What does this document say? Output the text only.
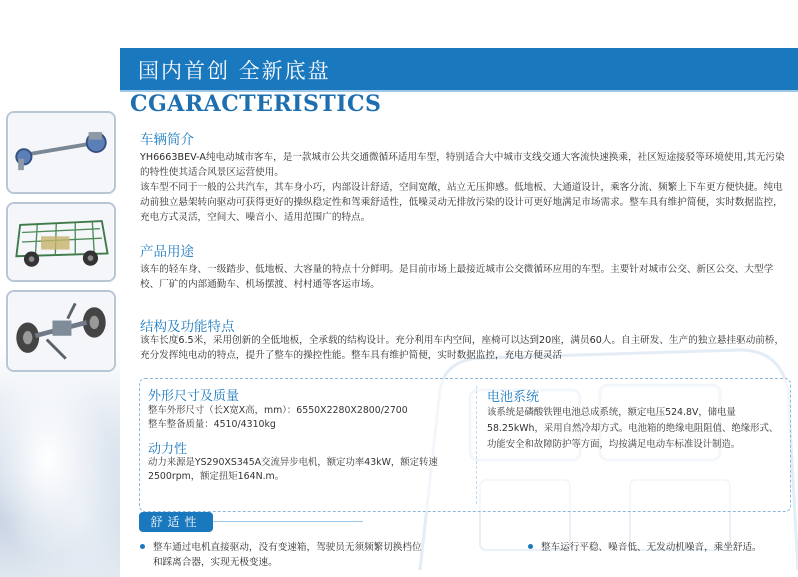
国内首创 全新底盘
CGARACTERISTICS
车辆简介
YH6663BEV-A纯电动城市客车，是一款城市公共交通微循环适用车型，特别适合大中城市支线交通大客流快速换乘，社区短途接驳等环境使用,其无污染的特性使其适合风景区运营使用。
该车型不同于一般的公共汽车，其车身小巧，内部设计舒适，空间宽敞，站立无压抑感。低地板、大通道设计，乘客分流、频繁上下车更方便快捷。纯电动前独立悬架转向驱动可获得更好的操纵稳定性和驾乘舒适性，低噪灵动无排放污染的设计可更好地满足市场需求。整车具有维护简便，实时数据监控，充电方式灵活，空间大、噪音小、适用范围广的特点。
产品用途
该车的轻车身、一级踏步、低地板、大容量的特点十分鲜明。是目前市场上最接近城市公交微循环应用的车型。主要针对城市公交、新区公交、大型学校、厂矿的内部通勤车、机场摆渡、村村通等客运市场。
结构及功能特点
该车长度6.5米，采用创新的全低地板，全承载的结构设计。充分利用车内空间，座椅可以达到20座，满员60人。自主研发、生产的独立悬挂驱动前桥，充分发挥纯电动的特点，提升了整车的操控性能。整车具有维护简便，实时数据监控，充电方便灵活
外形尺寸及质量
整车外形尺寸（长X宽X高，mm）：6550X2280X2800/2700
整车整备质量：4510/4310kg
动力性
动力来源是YS290XS345A交流异步电机，额定功率43kW，额定转速2500rpm，额定扭矩164N.m。
电池系统
该系统是磷酸铁锂电池总成系统，额定电压524.8V，储电量58.25kWh，采用自然冷却方式。电池箱的绝缘电阻阻值、绝缘形式、功能安全和故障防护等方面，均按满足电动车标准设计制造。
舒适性
整车通过电机直接驱动，没有变速箱，驾驶员无须频繁切换档位
和踩离合器，实现无极变速。
整车运行平稳、噪音低、无发动机噪音，乘坐舒适。
